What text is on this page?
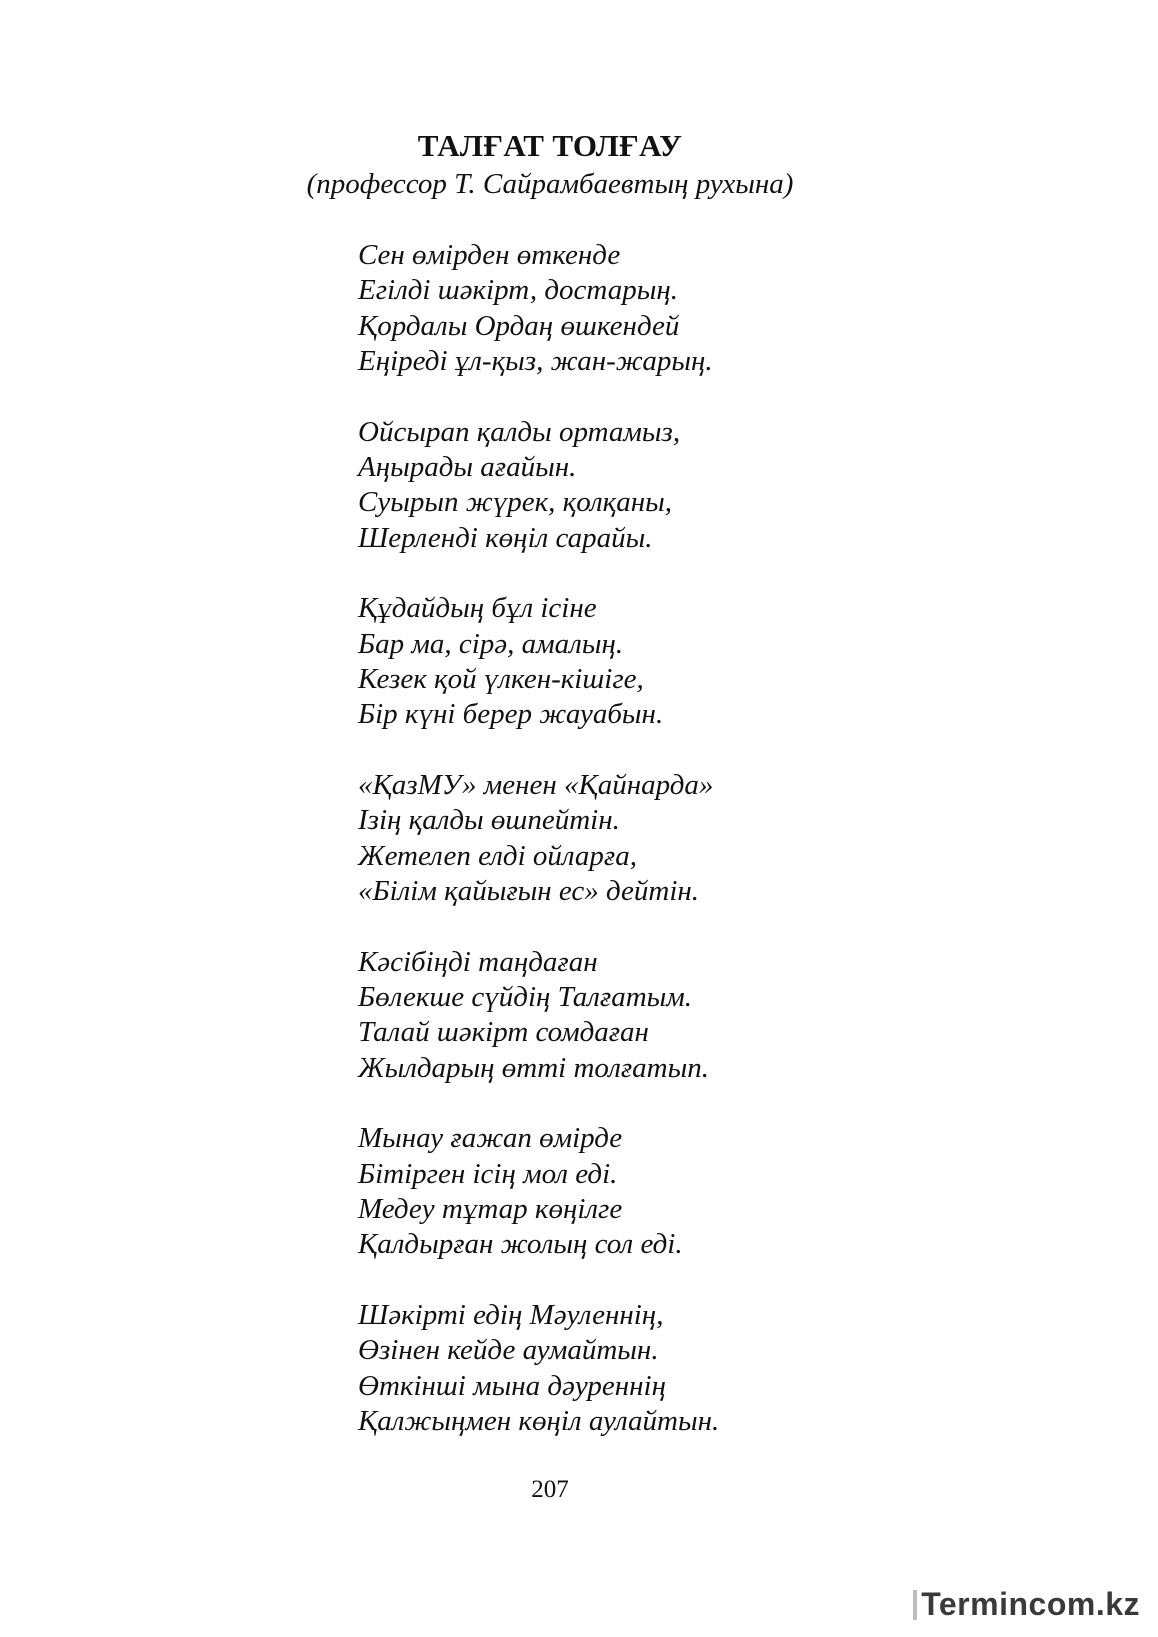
ТАЛҒАТ ТОЛҒАУ
(профессор Т. Сайрамбаевтың рухына)
Сен өмірден өткенде
Егілді шәкірт, достарың.
Қордалы Ордаң өшкендей
Еңіреді ұл-қыз, жан-жарың.
Ойсырап қалды ортамыз,
Аңырады ағайын.
Суырып жүрек, қолқаны,
Шерленді көңіл сарайы.
Құдайдың бұл ісіне
Бар ма, сірә, амалың.
Кезек қой үлкен-кішіге,
Бір күні берер жауабын.
«ҚазМУ» менен «Қайнарда»
Ізің қалды өшпейтін.
Жетелеп елді ойларға,
«Білім қайығын ес» дейтін.
Кәсібіңді таңдаған
Бөлекше сүйдің Талғатым.
Талай шәкірт сомдаған
Жылдарың өтті толғатып.
Мынау ғажап өмірде
Бітірген ісің мол еді.
Медеу тұтар көңілге
Қалдырған жолың сол еді.
Шәкірті едің Мәуленнің,
Өзінен кейде аумайтын.
Өткінші мына дәуреннің
Қалжыңмен көңіл аулайтын.
207
Termincom.kz
